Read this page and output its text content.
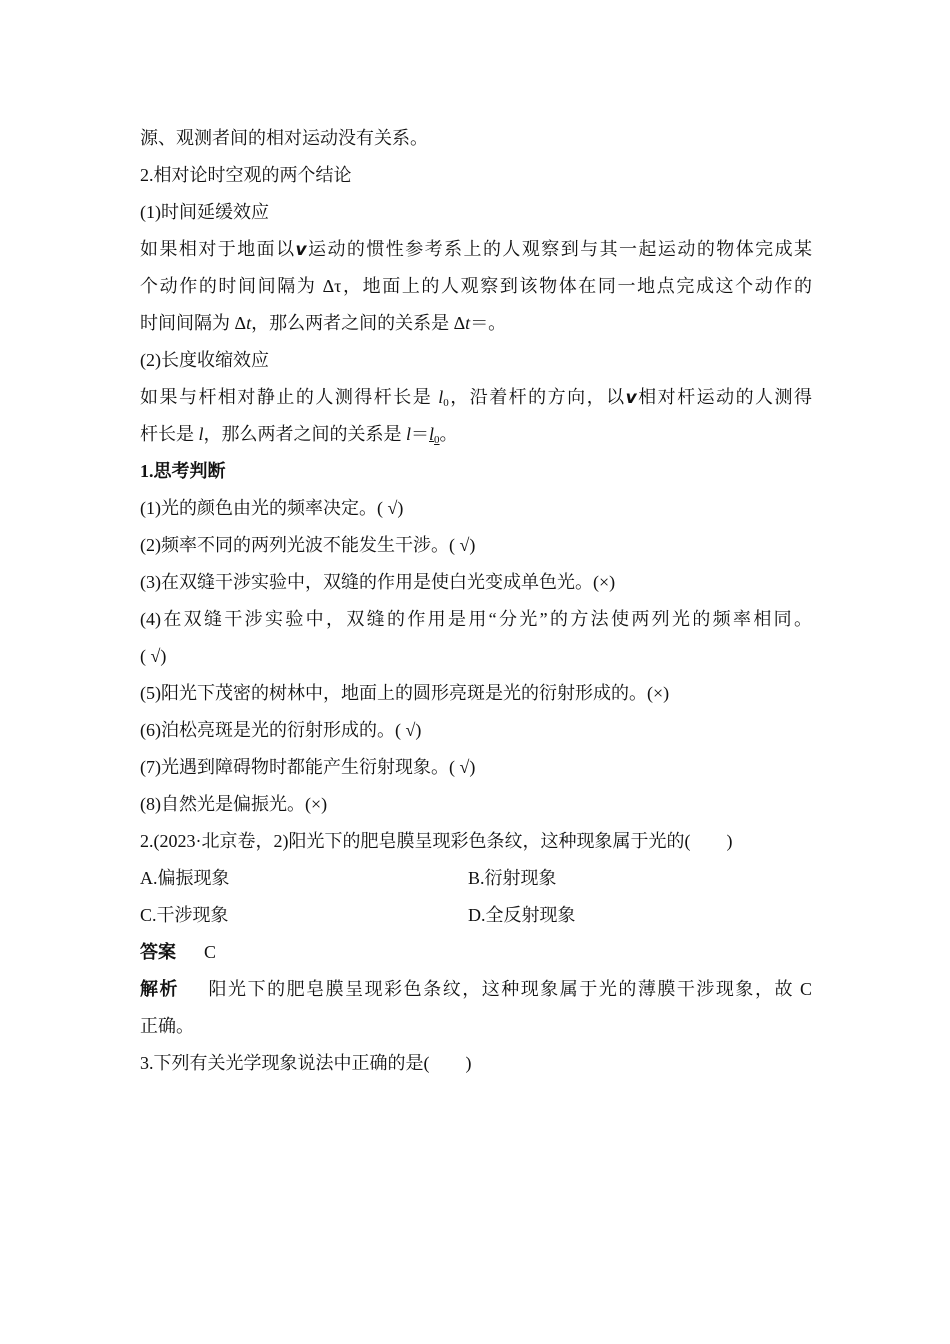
源、观测者间的相对运动没有关系。
2.相对论时空观的两个结论
(1)时间延缓效应
如果相对于地面以v运动的惯性参考系上的人观察到与其一起运动的物体完成某
个动作的时间间隔为 Δτ，地面上的人观察到该物体在同一地点完成这个动作的
时间间隔为 Δt，那么两者之间的关系是 Δt＝。
(2)长度收缩效应
如果与杆相对静止的人测得杆长是 $l_0$，沿着杆的方向，以v相对杆运动的人测得
杆长是 l，那么两者之间的关系是 $l=l_0$。
1.思考判断
(1)光的颜色由光的频率决定。( √)
(2)频率不同的两列光波不能发生干涉。( √)
(3)在双缝干涉实验中，双缝的作用是使白光变成单色光。(×)
(4)在双缝干涉实验中，双缝的作用是用“分光”的方法使两列光的频率相同。
( √)
(5)阳光下茂密的树林中，地面上的圆形亮斑是光的衍射形成的。(×)
(6)泊松亮斑是光的衍射形成的。( √)
(7)光遇到障碍物时都能产生衍射现象。( √)
(8)自然光是偏振光。(×)
2.(2023·北京卷，2)阳光下的肥皂膜呈现彩色条纹，这种现象属于光的(　　)
A.偏振现象	B.衍射现象
C.干涉现象	D.全反射现象
答案 C
解析 阳光下的肥皂膜呈现彩色条纹，这种现象属于光的薄膜干涉现象，故 C
正确。
3.下列有关光学现象说法中正确的是(　　)
